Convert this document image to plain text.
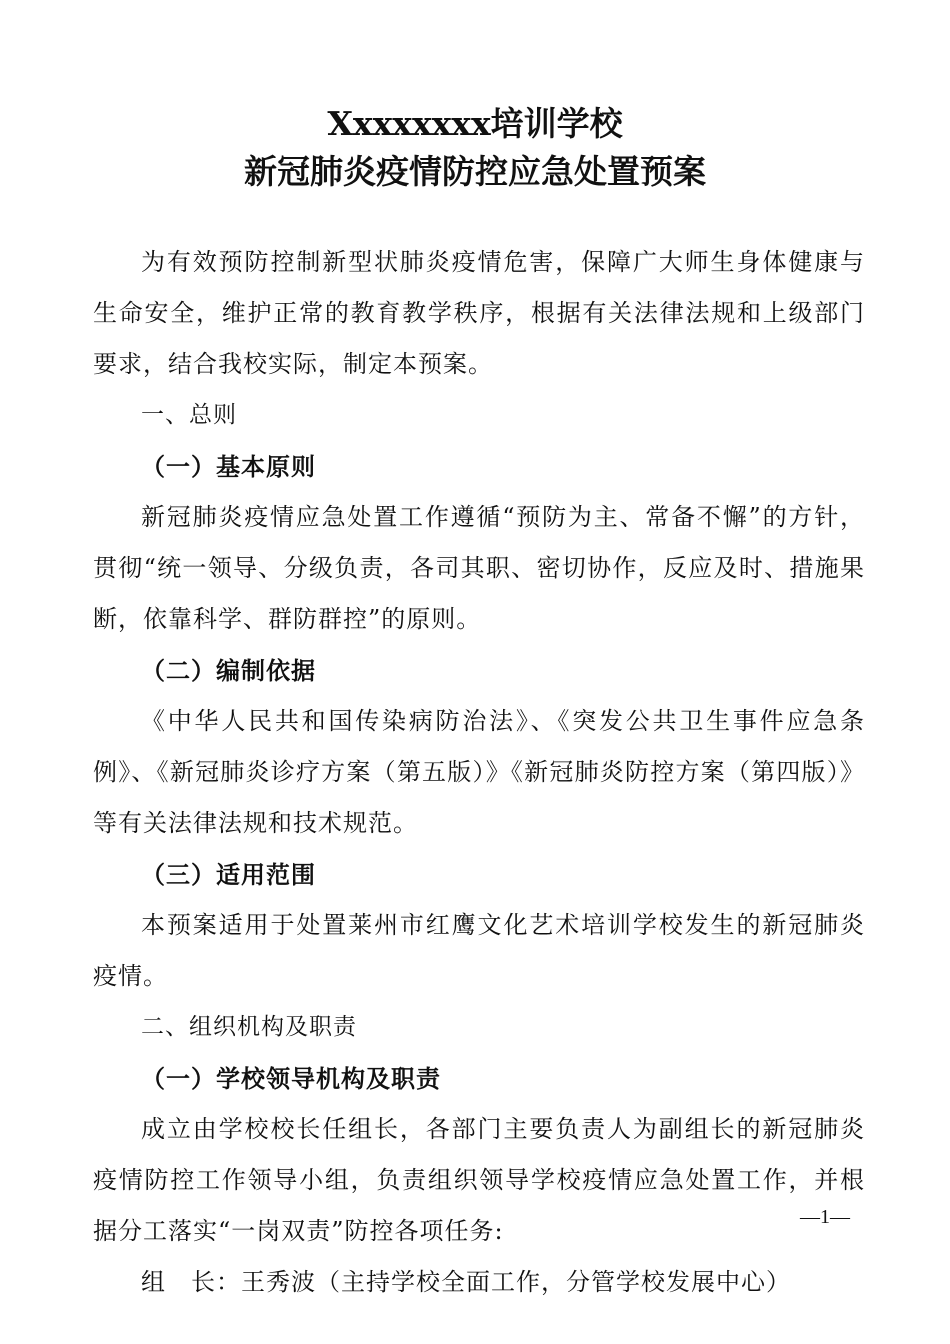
Xxxxxxxx培训学校
新冠肺炎疫情防控应急处置预案

为有效预防控制新型状肺炎疫情危害，保障广大师生身体健康与生命安全，维护正常的教育教学秩序，根据有关法律法规和上级部门要求，结合我校实际，制定本预案。

一、总则

（一）基本原则

新冠肺炎疫情应急处置工作遵循“预防为主、常备不懈”的方针，贯彻“统一领导、分级负责，各司其职、密切协作，反应及时、措施果断，依靠科学、群防群控”的原则。

（二）编制依据

《中华人民共和国传染病防治法》、《突发公共卫生事件应急条例》、《新冠肺炎诊疗方案（第五版）》《新冠肺炎防控方案（第四版）》等有关法律法规和技术规范。

（三）适用范围

本预案适用于处置莱州市红鹰文化艺术培训学校发生的新冠肺炎疫情。

二、组织机构及职责

（一）学校领导机构及职责

成立由学校校长任组长，各部门主要负责人为副组长的新冠肺炎疫情防控工作领导小组，负责组织领导学校疫情应急处置工作，并根据分工落实“一岗双责”防控各项任务:

组　长：王秀波（主持学校全面工作，分管学校发展中心）

—1—
